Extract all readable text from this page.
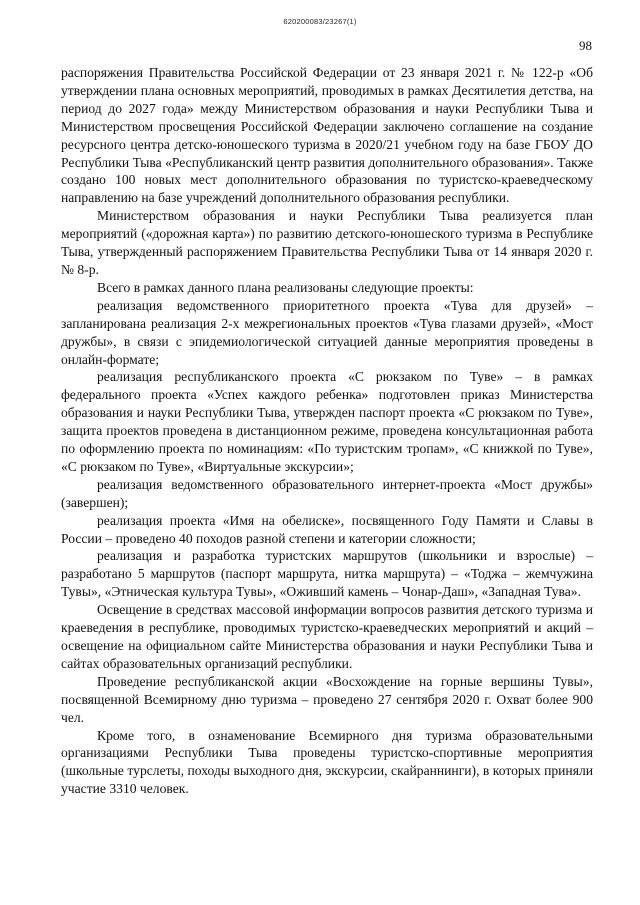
620200083/23267(1)
98

распоряжения Правительства Российской Федерации от 23 января 2021 г. № 122-р «Об утверждении плана основных мероприятий, проводимых в рамках Десятилетия детства, на период до 2027 года» между Министерством образования и науки Республики Тыва и Министерством просвещения Российской Федерации заключено соглашение на создание ресурсного центра детско-юношеского туризма в 2020/21 учебном году на базе ГБОУ ДО Республики Тыва «Республиканский центр развития дополнительного образования». Также создано 100 новых мест дополнительного образования по туристско-краеведческому направлению на базе учреждений дополнительного образования республики.

Министерством образования и науки Республики Тыва реализуется план мероприятий («дорожная карта») по развитию детского-юношеского туризма в Республике Тыва, утвержденный распоряжением Правительства Республики Тыва от 14 января 2020 г. № 8-р.

Всего в рамках данного плана реализованы следующие проекты:

реализация ведомственного приоритетного проекта «Тува для друзей» – запланирована реализация 2-х межрегиональных проектов «Тува глазами друзей», «Мост дружбы», в связи с эпидемиологической ситуацией данные мероприятия проведены в онлайн-формате;

реализация республиканского проекта «С рюкзаком по Туве» – в рамках федерального проекта «Успех каждого ребенка» подготовлен приказ Министерства образования и науки Республики Тыва, утвержден паспорт проекта «С рюкзаком по Туве», защита проектов проведена в дистанционном режиме, проведена консультационная работа по оформлению проекта по номинациям: «По туристским тропам», «С книжкой по Туве», «С рюкзаком по Туве», «Виртуальные экскурсии»;

реализация ведомственного образовательного интернет-проекта «Мост дружбы» (завершен);

реализация проекта «Имя на обелиске», посвященного Году Памяти и Славы в России – проведено 40 походов разной степени и категории сложности;

реализация и разработка туристских маршрутов (школьники и взрослые) – разработано 5 маршрутов (паспорт маршрута, нитка маршрута) – «Тоджа – жемчужина Тувы», «Этническая культура Тувы», «Оживший камень – Чонар-Даш», «Западная Тува».

Освещение в средствах массовой информации вопросов развития детского туризма и краеведения в республике, проводимых туристско-краеведческих мероприятий и акций – освещение на официальном сайте Министерства образования и науки Республики Тыва и сайтах образовательных организаций республики.

Проведение республиканской акции «Восхождение на горные вершины Тувы», посвященной Всемирному дню туризма – проведено 27 сентября 2020 г. Охват более 900 чел.

Кроме того, в ознаменование Всемирного дня туризма образовательными организациями Республики Тыва проведены туристско-спортивные мероприятия (школьные турслеты, походы выходного дня, экскурсии, скайраннинги), в которых приняли участие 3310 человек.
